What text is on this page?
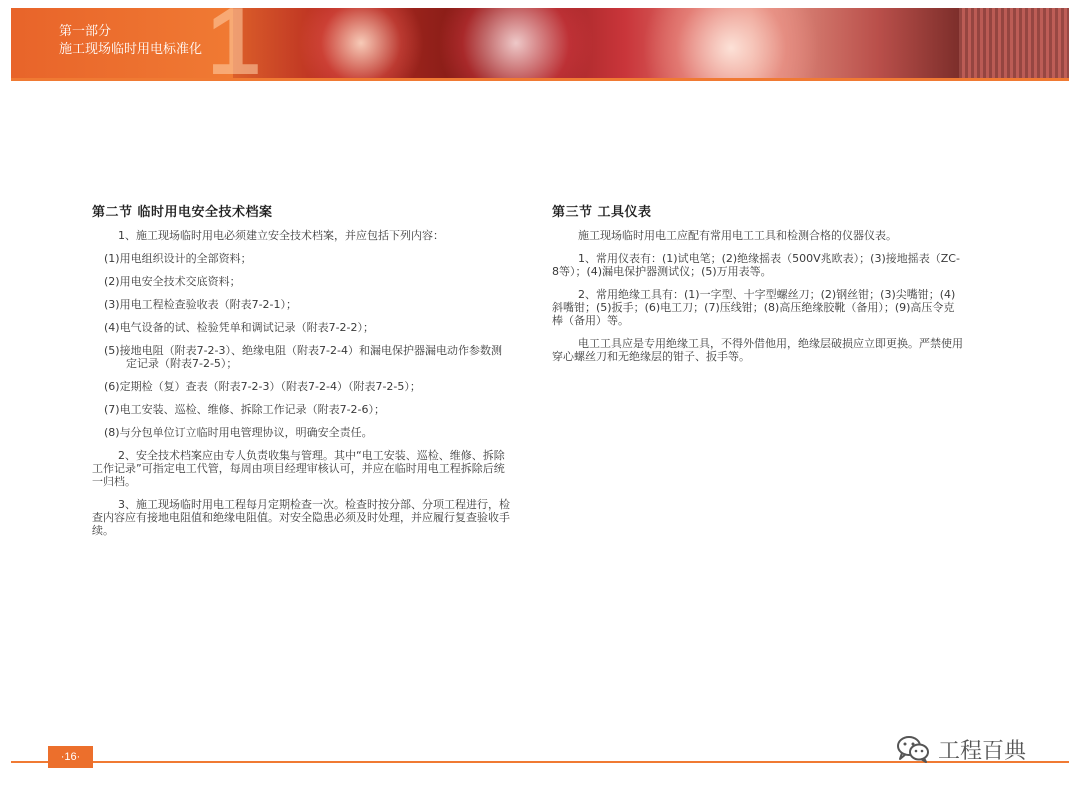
1
第一部分
施工现场临时用电标准化
第二节 临时用电安全技术档案

1、施工现场临时用电必须建立安全技术档案，并应包括下列内容：

(1)用电组织设计的全部资料；

(2)用电安全技术交底资料；

(3)用电工程检查验收表（附表7-2-1）；

(4)电气设备的试、检验凭单和调试记录（附表7-2-2）；

(5)接地电阻（附表7-2-3）、绝缘电阻（附表7-2-4）和漏电保护器漏电动作参数测定记录（附表7-2-5）；

(6)定期检（复）查表（附表7-2-3）（附表7-2-4）（附表7-2-5）；

(7)电工安装、巡检、维修、拆除工作记录（附表7-2-6）；

(8)与分包单位订立临时用电管理协议，明确安全责任。

2、安全技术档案应由专人负责收集与管理。其中“电工安装、巡检、维修、拆除工作记录”可指定电工代管，每周由项目经理审核认可，并应在临时用电工程拆除后统一归档。

3、施工现场临时用电工程每月定期检查一次。检查时按分部、分项工程进行，检查内容应有接地电阻值和绝缘电阻值。对安全隐患必须及时处理，并应履行复查验收手续。

第三节 工具仪表

施工现场临时用电工应配有常用电工工具和检测合格的仪器仪表。

1、常用仪表有：(1)试电笔；(2)绝缘摇表（500V兆欧表）；(3)接地摇表（ZC-8等）；(4)漏电保护器测试仪；(5)万用表等。

2、常用绝缘工具有：(1)一字型、十字型螺丝刀；(2)钢丝钳；(3)尖嘴钳；(4)斜嘴钳；(5)扳手；(6)电工刀；(7)压线钳；(8)高压绝缘胶靴（备用）；(9)高压令克棒（备用）等。

电工工具应是专用绝缘工具，不得外借他用，绝缘层破损应立即更换。严禁使用穿心螺丝刀和无绝缘层的钳子、扳手等。

·16·	工程百典
